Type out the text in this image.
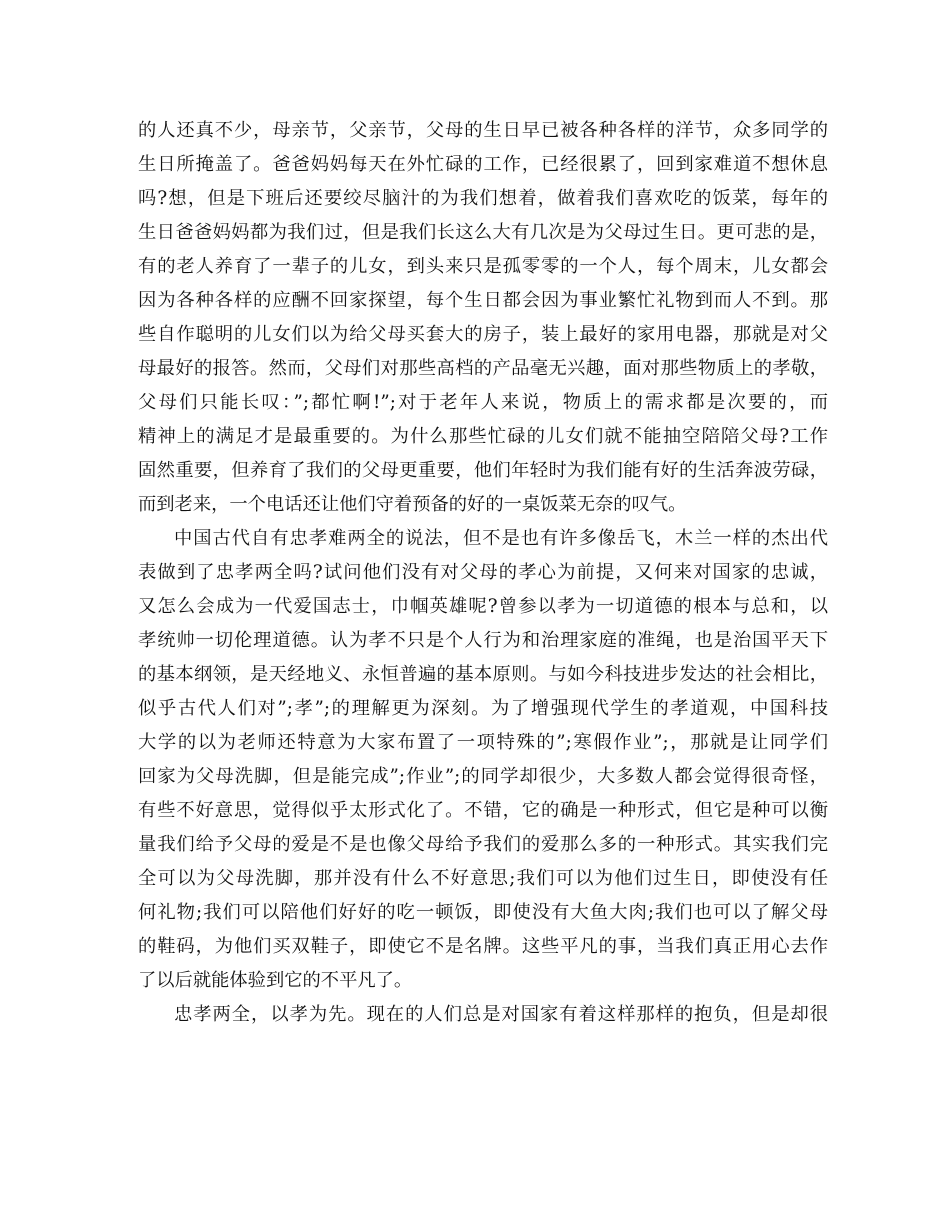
的人还真不少，母亲节，父亲节，父母的生日早已被各种各样的洋节，众多同学的
生日所掩盖了。爸爸妈妈每天在外忙碌的工作，已经很累了，回到家难道不想休息
吗?想，但是下班后还要绞尽脑汁的为我们想着，做着我们喜欢吃的饭菜，每年的
生日爸爸妈妈都为我们过，但是我们长这么大有几次是为父母过生日。更可悲的是，
有的老人养育了一辈子的儿女，到头来只是孤零零的一个人，每个周末，儿女都会
因为各种各样的应酬不回家探望，每个生日都会因为事业繁忙礼物到而人不到。那
些自作聪明的儿女们以为给父母买套大的房子，装上最好的家用电器，那就是对父
母最好的报答。然而，父母们对那些高档的产品毫无兴趣，面对那些物质上的孝敬，
父母们只能长叹：”;都忙啊!”;对于老年人来说，物质上的需求都是次要的，而
精神上的满足才是最重要的。为什么那些忙碌的儿女们就不能抽空陪陪父母?工作
固然重要，但养育了我们的父母更重要，他们年轻时为我们能有好的生活奔波劳碌，
而到老来，一个电话还让他们守着预备的好的一桌饭菜无奈的叹气。
中国古代自有忠孝难两全的说法，但不是也有许多像岳飞，木兰一样的杰出代
表做到了忠孝两全吗?试问他们没有对父母的孝心为前提，又何来对国家的忠诚，
又怎么会成为一代爱国志士，巾帼英雄呢?曾参以孝为一切道德的根本与总和，以
孝统帅一切伦理道德。认为孝不只是个人行为和治理家庭的准绳，也是治国平天下
的基本纲领，是天经地义、永恒普遍的基本原则。与如今科技进步发达的社会相比，
似乎古代人们对”;孝”;的理解更为深刻。为了增强现代学生的孝道观，中国科技
大学的以为老师还特意为大家布置了一项特殊的”;寒假作业”;，那就是让同学们
回家为父母洗脚，但是能完成”;作业”;的同学却很少，大多数人都会觉得很奇怪，
有些不好意思，觉得似乎太形式化了。不错，它的确是一种形式，但它是种可以衡
量我们给予父母的爱是不是也像父母给予我们的爱那么多的一种形式。其实我们完
全可以为父母洗脚，那并没有什么不好意思;我们可以为他们过生日，即使没有任
何礼物;我们可以陪他们好好的吃一顿饭，即使没有大鱼大肉;我们也可以了解父母
的鞋码，为他们买双鞋子，即使它不是名牌。这些平凡的事，当我们真正用心去作
了以后就能体验到它的不平凡了。
忠孝两全，以孝为先。现在的人们总是对国家有着这样那样的抱负，但是却很
